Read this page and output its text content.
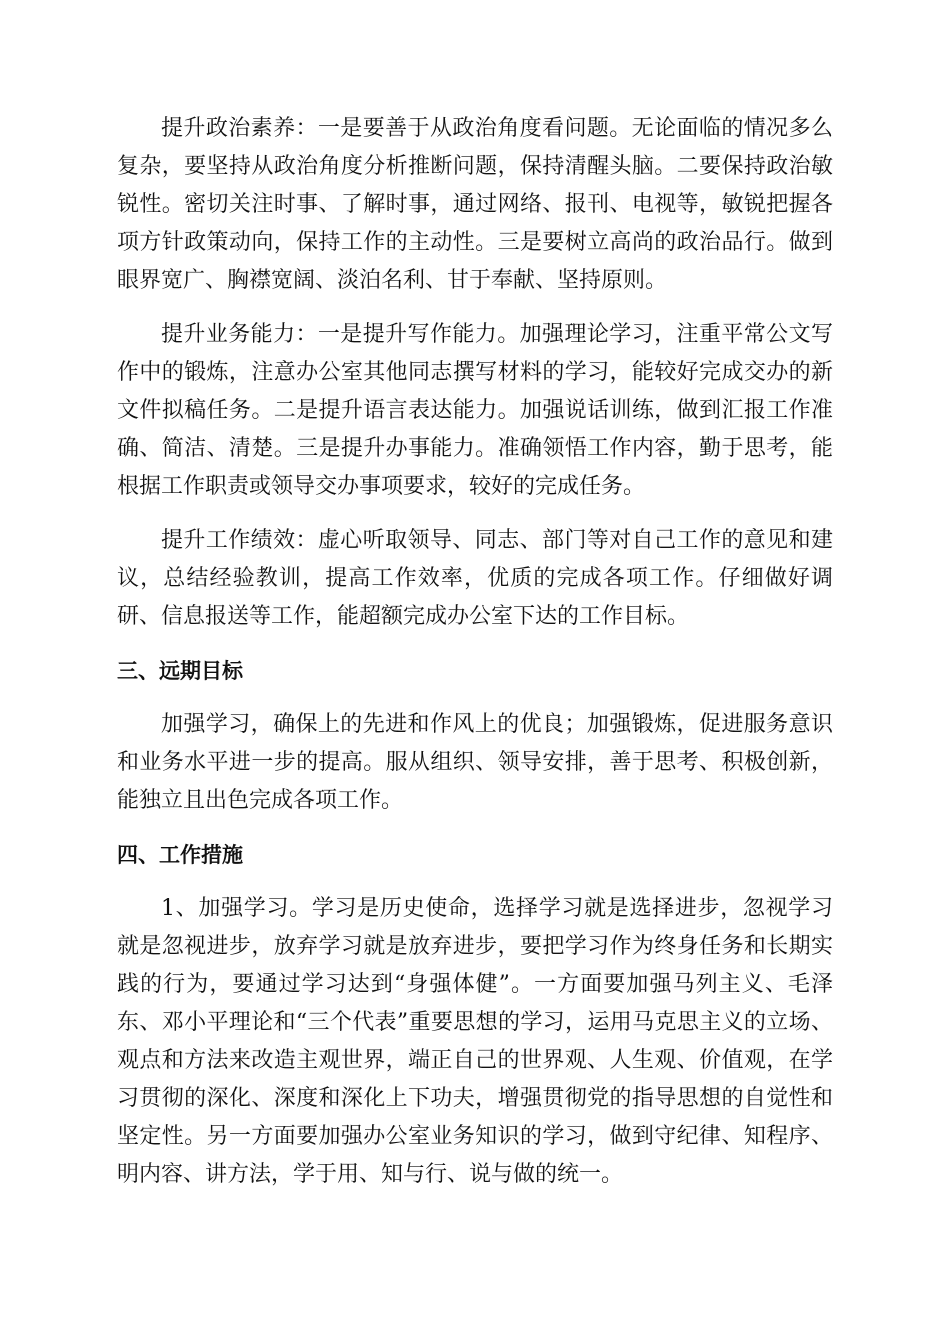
提升政治素养：一是要善于从政治角度看问题。无论面临的情况多么复杂，要坚持从政治角度分析推断问题，保持清醒头脑。二要保持政治敏锐性。密切关注时事、了解时事，通过网络、报刊、电视等，敏锐把握各项方针政策动向，保持工作的主动性。三是要树立高尚的政治品行。做到眼界宽广、胸襟宽阔、淡泊名利、甘于奉献、坚持原则。

提升业务能力：一是提升写作能力。加强理论学习，注重平常公文写作中的锻炼，注意办公室其他同志撰写材料的学习，能较好完成交办的新文件拟稿任务。二是提升语言表达能力。加强说话训练，做到汇报工作准确、简洁、清楚。三是提升办事能力。准确领悟工作内容，勤于思考，能根据工作职责或领导交办事项要求，较好的完成任务。

提升工作绩效：虚心听取领导、同志、部门等对自己工作的意见和建议，总结经验教训，提高工作效率，优质的完成各项工作。仔细做好调研、信息报送等工作，能超额完成办公室下达的工作目标。

三、远期目标

加强学习，确保上的先进和作风上的优良；加强锻炼，促进服务意识和业务水平进一步的提高。服从组织、领导安排，善于思考、积极创新，能独立且出色完成各项工作。

四、工作措施

1、加强学习。学习是历史使命，选择学习就是选择进步，忽视学习就是忽视进步，放弃学习就是放弃进步，要把学习作为终身任务和长期实践的行为，要通过学习达到“身强体健”。一方面要加强马列主义、毛泽东、邓小平理论和“三个代表”重要思想的学习，运用马克思主义的立场、观点和方法来改造主观世界，端正自己的世界观、人生观、价值观，在学习贯彻的深化、深度和深化上下功夫，增强贯彻党的指导思想的自觉性和坚定性。另一方面要加强办公室业务知识的学习，做到守纪律、知程序、明内容、讲方法，学于用、知与行、说与做的统一。
